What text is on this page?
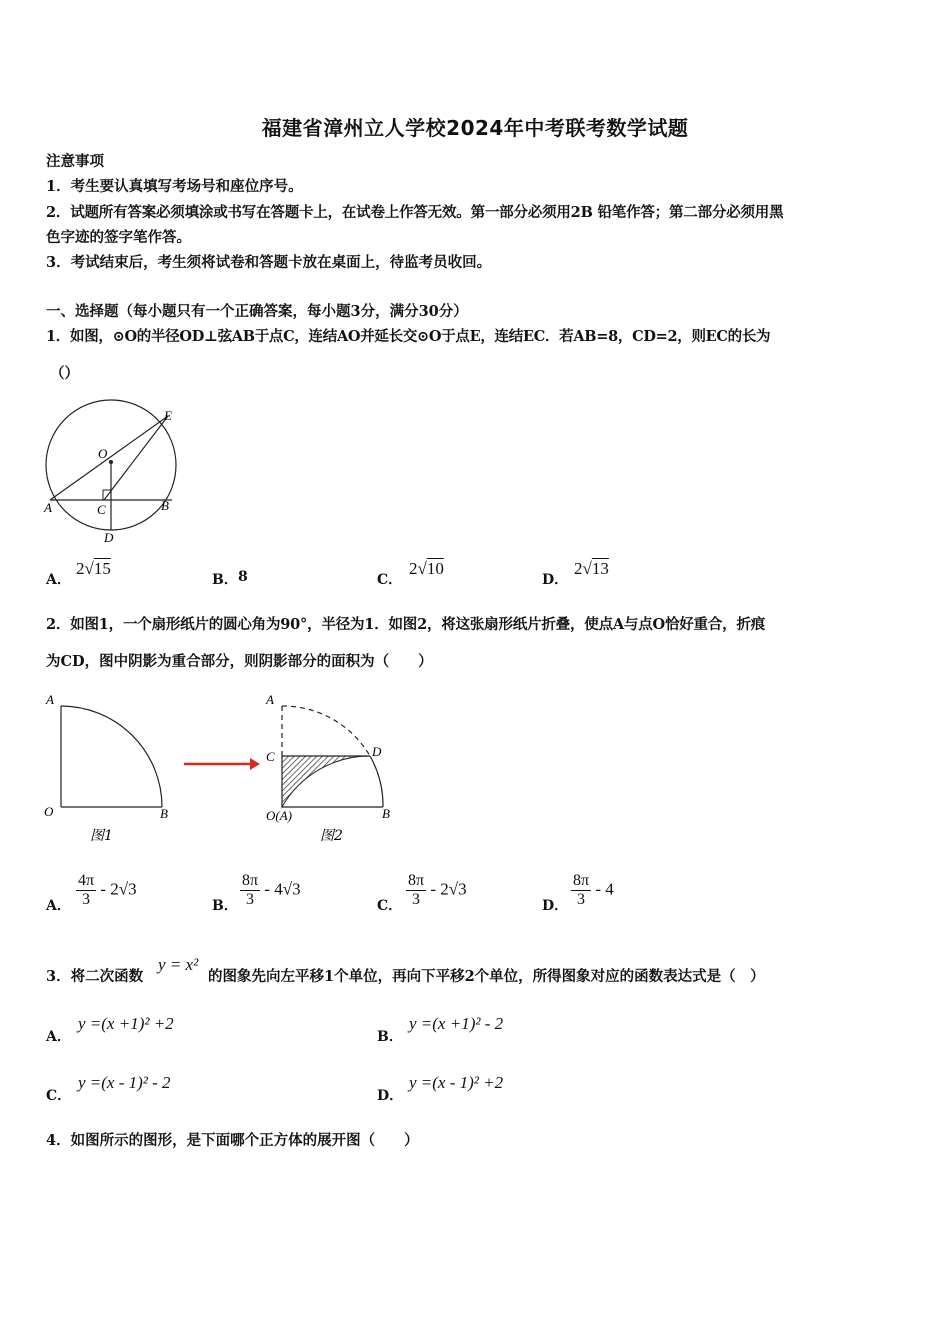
福建省漳州立人学校2024年中考联考数学试题
注意事项
1．考生要认真填写考场号和座位序号。
2．试题所有答案必须填涂或书写在答题卡上，在试卷上作答无效。第一部分必须用2B 铅笔作答；第二部分必须用黑
色字迹的签字笔作答。
3．考试结束后，考生须将试卷和答题卡放在桌面上，待监考员收回。
一、选择题（每小题只有一个正确答案，每小题3分，满分30分）
1．如图，⊙O的半径OD⊥弦AB于点C，连结AO并延长交⊙O于点E，连结EC．若AB=8，CD=2，则EC的长为
（）
E
O
A	C	B
D
A．
2√15
B． 8	C．
2√10
D．
2√13
2．如图1，一个扇形纸片的圆心角为90°，半径为1．如图2，将这张扇形纸片折叠，使点A与点O恰好重合，折痕
为CD，图中阴影为重合部分，则阴影部分的面积为（　　）
A
O	B
图1
A
C	D
O(A)	B
图2
A． $\frac{4\pi}{3} - 2√3$
B． $\frac{8\pi}{3} - 4√3$
C． $\frac{8\pi}{3} - 2√3$
D． $\frac{8\pi}{3} - 4$
3．将二次函数
y = x²
的图象先向左平移1个单位，再向下平移2个单位，所得图象对应的函数表达式是（　）
A．
y =(x +1)² +2
B．
y =(x +1)² - 2
C．
y =(x - 1)² - 2
D．
y =(x - 1)² +2
4．如图所示的图形，是下面哪个正方体的展开图（　　）
